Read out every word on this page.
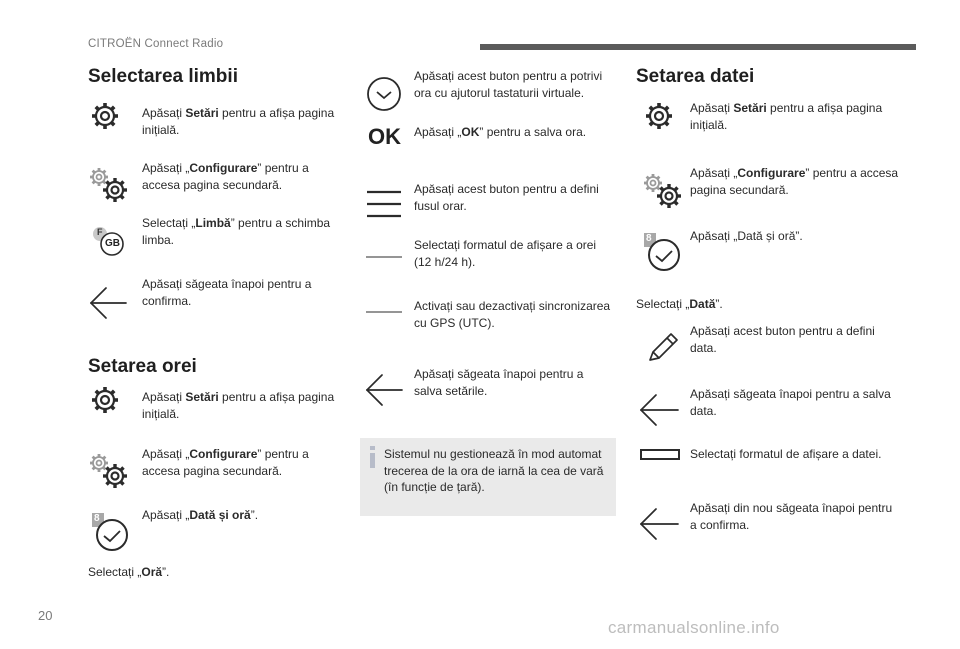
CITROËN Connect Radio
Selectarea limbii
Apăsați Setări pentru a afișa pagina inițială.
Apăsați „Configurare” pentru a accesa pagina secundară.
F
GB
Selectați „Limbă” pentru a schimba limba.
Apăsați săgeata înapoi pentru a confirma.
Setarea orei
Apăsați Setări pentru a afișa pagina inițială.
Apăsați „Configurare” pentru a accesa pagina secundară.
8	Apăsați „Dată și oră”.
Selectați „Oră”.
Apăsați acest buton pentru a potrivi ora cu ajutorul tastaturii virtuale.
OK Apăsați „OK” pentru a salva ora.
Apăsați acest buton pentru a defini fusul orar.
Selectați formatul de afișare a orei (12 h/24 h).
Activați sau dezactivați sincronizarea cu GPS (UTC).
Apăsați săgeata înapoi pentru a salva setările.
Sistemul nu gestionează în mod automat trecerea de la ora de iarnă la cea de vară (în funcție de țară).
Setarea datei
Apăsați Setări pentru a afișa pagina inițială.
Apăsați „Configurare” pentru a accesa pagina secundară.
8	Apăsați „Dată și oră”.
Selectați „Dată”.
Apăsați acest buton pentru a defini data.
Apăsați săgeata înapoi pentru a salva data.
Selectați formatul de afișare a datei.
Apăsați din nou săgeata înapoi pentru a confirma.
20
carmanualsonline.info
